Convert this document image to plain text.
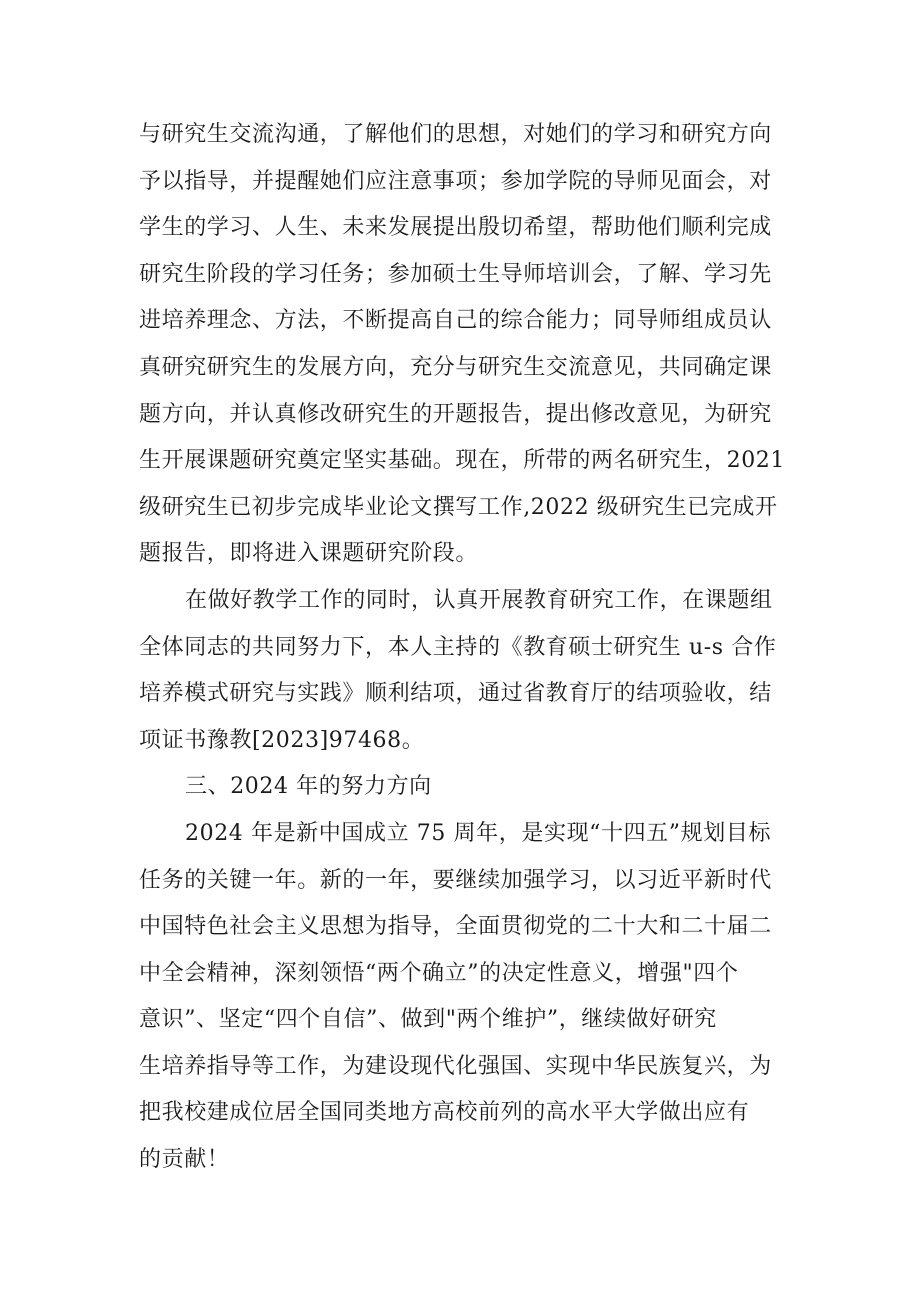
与研究生交流沟通，了解他们的思想，对她们的学习和研究方向
予以指导，并提醒她们应注意事项；参加学院的导师见面会，对
学生的学习、人生、未来发展提出殷切希望，帮助他们顺利完成
研究生阶段的学习任务；参加硕士生导师培训会，了解、学习先
进培养理念、方法，不断提高自己的综合能力；同导师组成员认
真研究研究生的发展方向，充分与研究生交流意见，共同确定课
题方向，并认真修改研究生的开题报告，提出修改意见，为研究
生开展课题研究奠定坚实基础。现在，所带的两名研究生，2021
级研究生已初步完成毕业论文撰写工作,2022 级研究生已完成开
题报告，即将进入课题研究阶段。

在做好教学工作的同时，认真开展教育研究工作，在课题组
全体同志的共同努力下，本人主持的《教育硕士研究生 u-s 合作
培养模式研究与实践》顺利结项，通过省教育厅的结项验收，结
项证书豫教[2023]97468。

三、2024 年的努力方向

2024 年是新中国成立 75 周年，是实现“十四五”规划目标
任务的关键一年。新的一年，要继续加强学习，以习近平新时代
中国特色社会主义思想为指导，全面贯彻党的二十大和二十届二
中全会精神，深刻领悟“两个确立”的决定性意义，增强"四个
意识”、坚定“四个自信”、做到"两个维护”，继续做好研究
生培养指导等工作，为建设现代化强国、实现中华民族复兴，为
把我校建成位居全国同类地方高校前列的高水平大学做出应有
的贡献！
